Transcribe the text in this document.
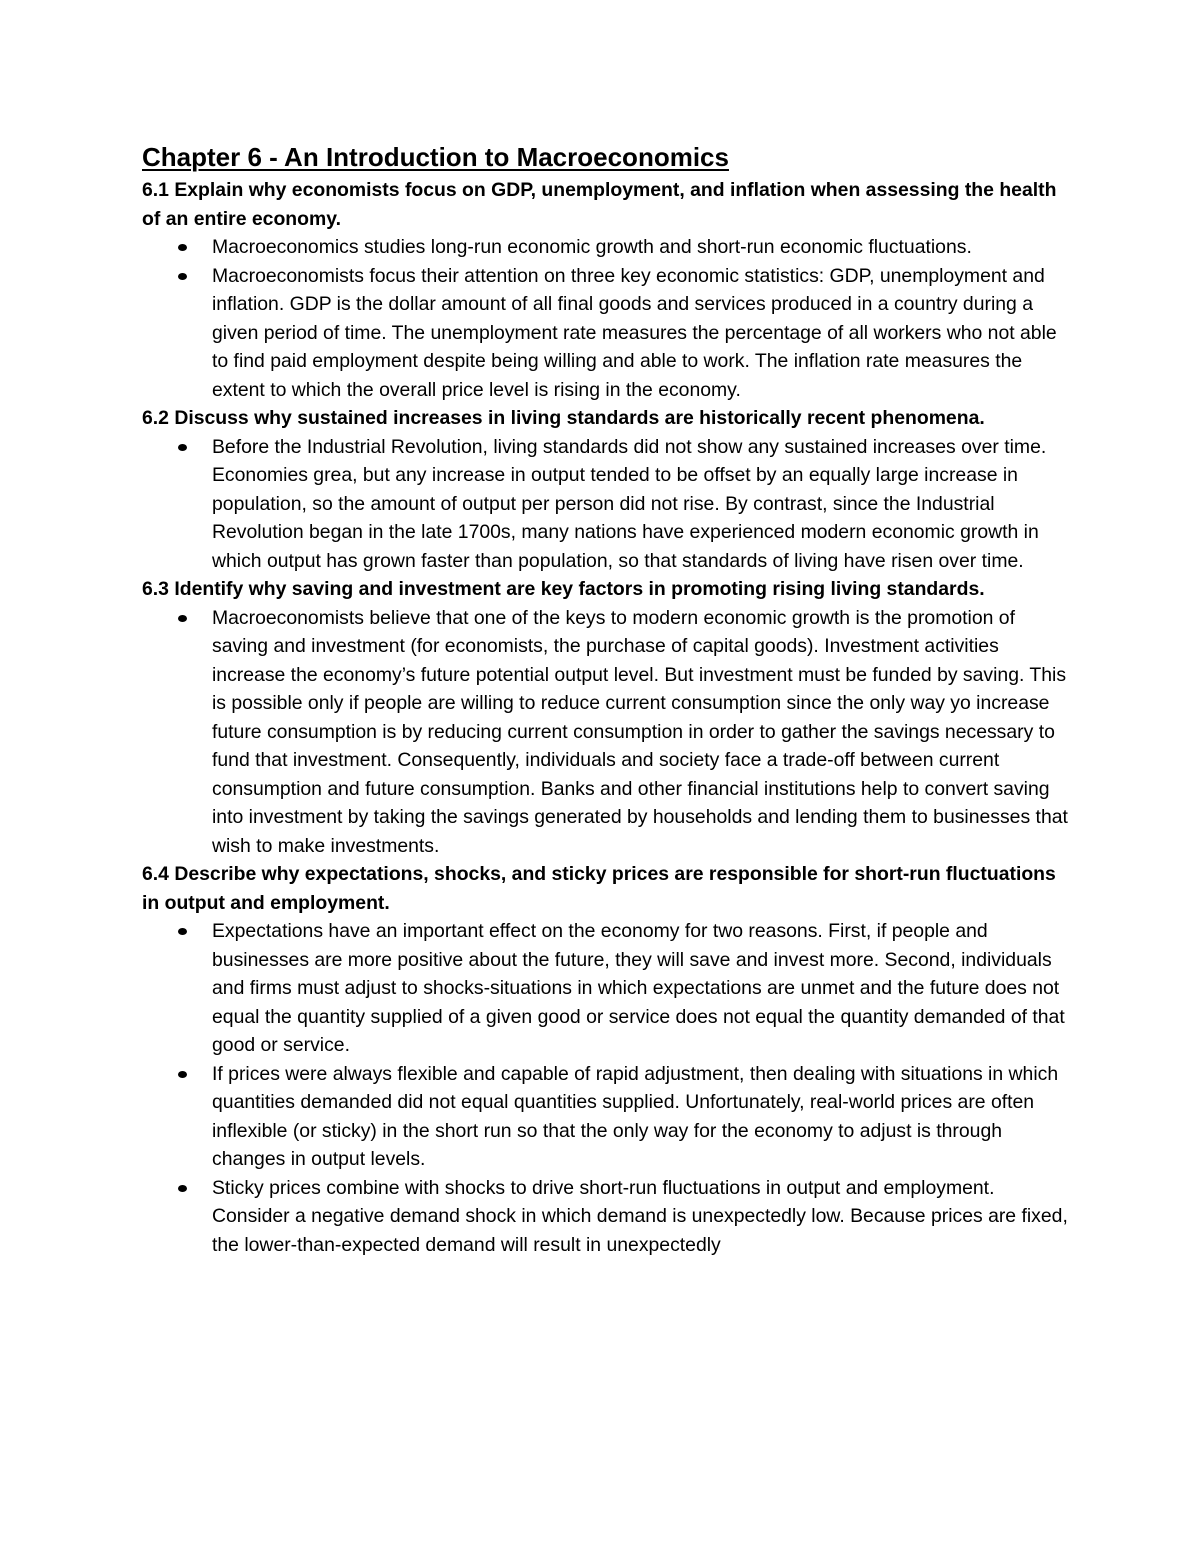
Chapter 6 - An Introduction to Macroeconomics

6.1 Explain why economists focus on GDP, unemployment, and inflation when assessing the health of an entire economy.

Macroeconomics studies long-run economic growth and short-run economic fluctuations.
Macroeconomists focus their attention on three key economic statistics: GDP, unemployment and inflation. GDP is the dollar amount of all final goods and services produced in a country during a given period of time. The unemployment rate measures the percentage of all workers who not able to find paid employment despite being willing and able to work. The inflation rate measures the extent to which the overall price level is rising in the economy.

6.2 Discuss why sustained increases in living standards are historically recent phenomena.

Before the Industrial Revolution, living standards did not show any sustained increases over time. Economies grea, but any increase in output tended to be offset by an equally large increase in population, so the amount of output per person did not rise. By contrast, since the Industrial Revolution began in the late 1700s, many nations have experienced modern economic growth in which output has grown faster than population, so that standards of living have risen over time.

6.3 Identify why saving and investment are key factors in promoting rising living standards.

Macroeconomists believe that one of the keys to modern economic growth is the promotion of saving and investment (for economists, the purchase of capital goods). Investment activities increase the economy’s future potential output level. But investment must be funded by saving. This is possible only if people are willing to reduce current consumption since the only way yo increase future consumption is by reducing current consumption in order to gather the savings necessary to fund that investment. Consequently, individuals and society face a trade-off between current consumption and future consumption. Banks and other financial institutions help to convert saving into investment by taking the savings generated by households and lending them to businesses that wish to make investments.

6.4 Describe why expectations, shocks, and sticky prices are responsible for short-run fluctuations in output and employment.

Expectations have an important effect on the economy for two reasons. First, if people and businesses are more positive about the future, they will save and invest more. Second, individuals and firms must adjust to shocks-situations in which expectations are unmet and the future does not equal the quantity supplied of a given good or service does not equal the quantity demanded of that good or service.
If prices were always flexible and capable of rapid adjustment, then dealing with situations in which quantities demanded did not equal quantities supplied. Unfortunately, real-world prices are often inflexible (or sticky) in the short run so that the only way for the economy to adjust is through changes in output levels.
Sticky prices combine with shocks to drive short-run fluctuations in output and employment. Consider a negative demand shock in which demand is unexpectedly low. Because prices are fixed, the lower-than-expected demand will result in unexpectedly
